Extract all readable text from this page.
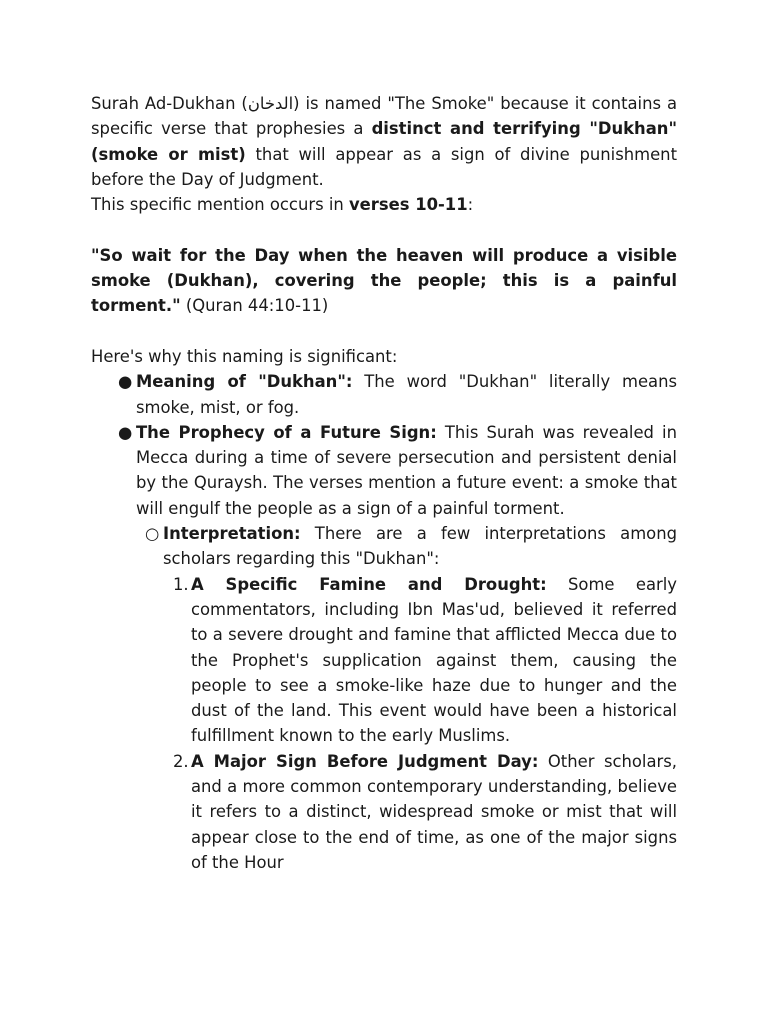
Surah Ad-Dukhan (الدخان) is named "The Smoke" because it contains a specific verse that prophesies a distinct and terrifying "Dukhan" (smoke or mist) that will appear as a sign of divine punishment before the Day of Judgment.

This specific mention occurs in verses 10-11:

"So wait for the Day when the heaven will produce a visible smoke (Dukhan), covering the people; this is a painful torment." (Quran 44:10-11)

Here's why this naming is significant:

● Meaning of "Dukhan": The word "Dukhan" literally means smoke, mist, or fog.
● The Prophecy of a Future Sign: This Surah was revealed in Mecca during a time of severe persecution and persistent denial by the Quraysh. The verses mention a future event: a smoke that will engulf the people as a sign of a painful torment.
○ Interpretation: There are a few interpretations among scholars regarding this "Dukhan":
1. A Specific Famine and Drought: Some early commentators, including Ibn Mas'ud, believed it referred to a severe drought and famine that afflicted Mecca due to the Prophet's supplication against them, causing the people to see a smoke-like haze due to hunger and the dust of the land. This event would have been a historical fulfillment known to the early Muslims.
2. A Major Sign Before Judgment Day: Other scholars, and a more common contemporary understanding, believe it refers to a distinct, widespread smoke or mist that will appear close to the end of time, as one of the major signs of the Hour
